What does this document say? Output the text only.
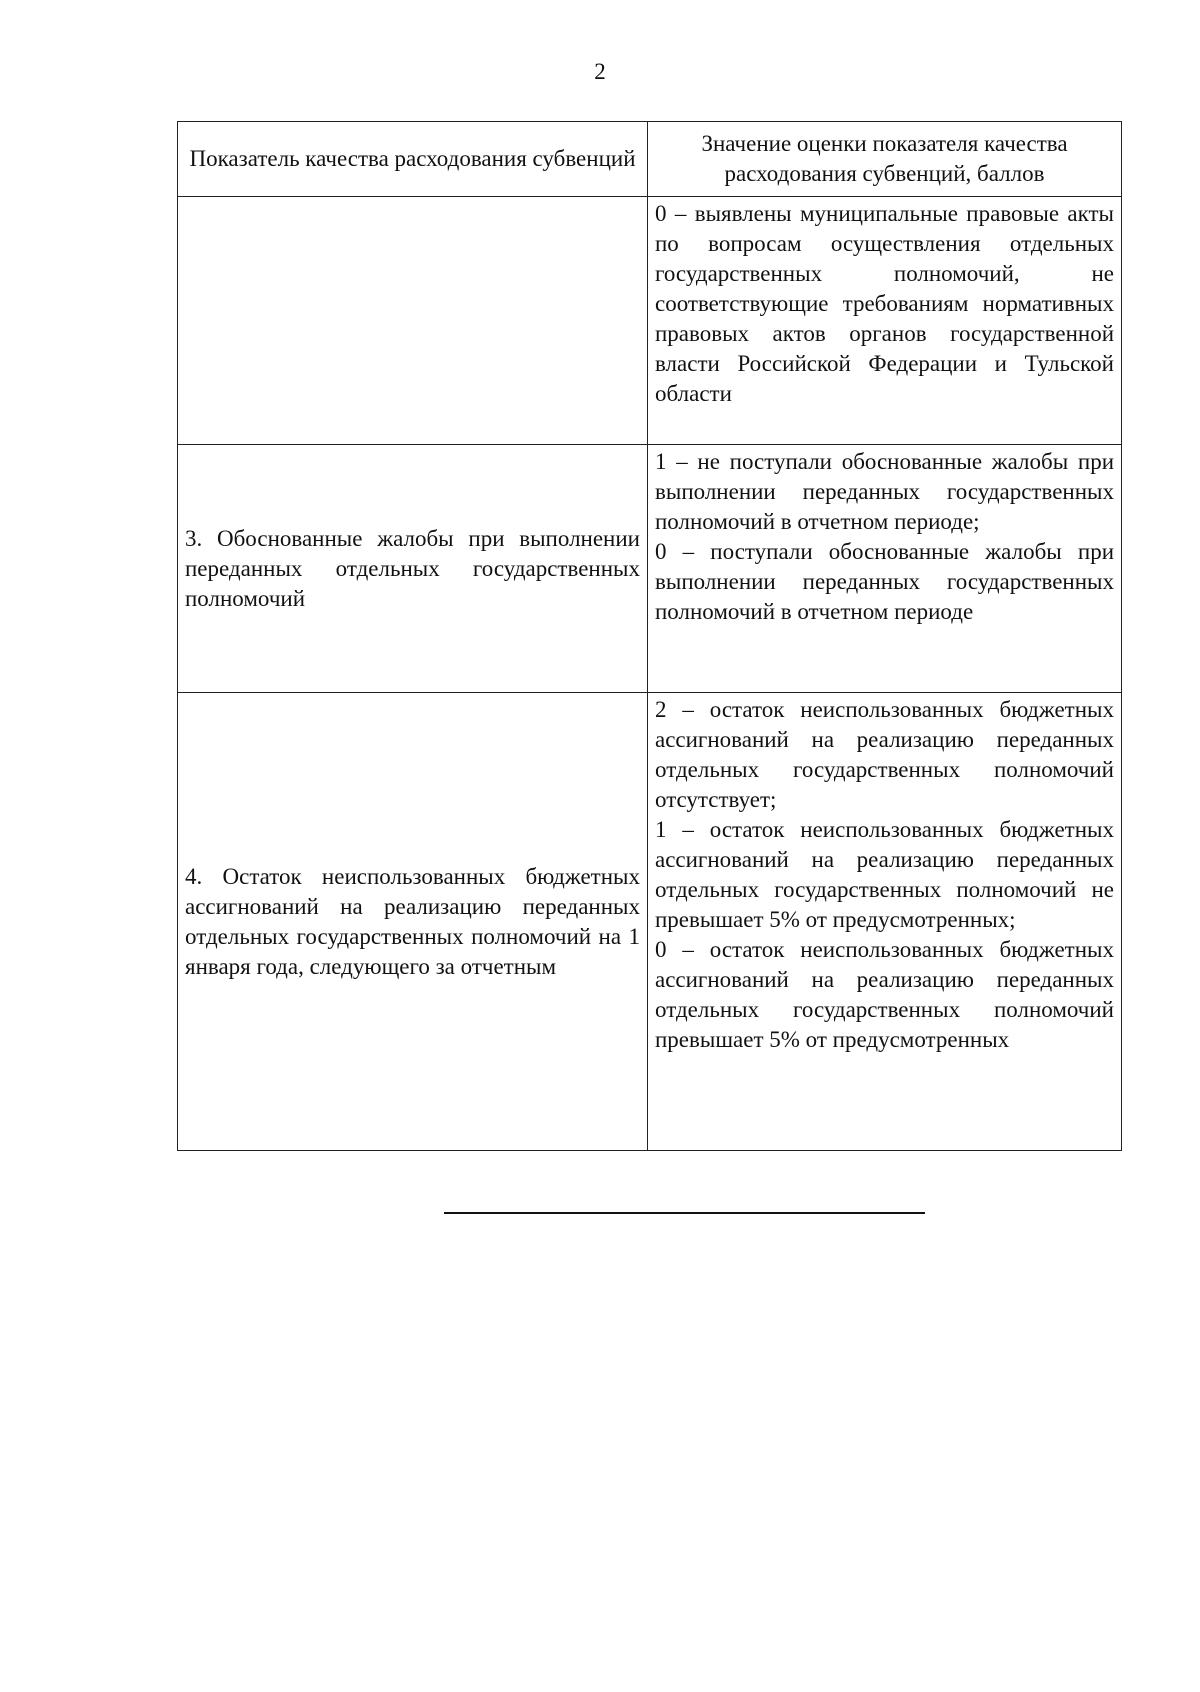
2
Показатель качества расходования субвенций	Значение оценки показателя качества расходования субвенций, баллов

	0 – выявлены муниципальные правовые акты по вопросам осуществления отдельных государственных полномочий, не соответствующие требованиям нормативных правовых актов органов государственной власти Российской Федерации и Тульской области

3. Обоснованные жалобы при выполнении переданных отдельных государственных полномочий	1 – не поступали обоснованные жалобы при выполнении переданных государственных полномочий в отчетном периоде;
0 – поступали обоснованные жалобы при выполнении переданных государственных полномочий в отчетном периоде

4. Остаток неиспользованных бюджетных ассигнований на реализацию переданных отдельных государственных полномочий на 1 января года, следующего за отчетным	2 – остаток неиспользованных бюджетных ассигнований на реализацию переданных отдельных государственных полномочий отсутствует;
1 – остаток неиспользованных бюджетных ассигнований на реализацию переданных отдельных государственных полномочий не превышает 5% от предусмотренных;
0 – остаток неиспользованных бюджетных ассигнований на реализацию переданных отдельных государственных полномочий превышает 5% от предусмотренных
